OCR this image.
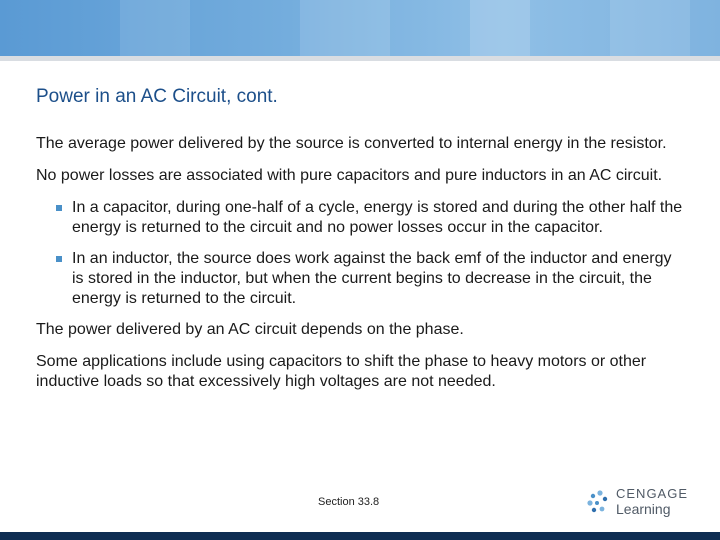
Power in an AC Circuit, cont.

The average power delivered by the source is converted to internal energy in the resistor.

No power losses are associated with pure capacitors and pure inductors in an AC circuit.

In a capacitor, during one-half of a cycle, energy is stored and during the other half the energy is returned to the circuit and no power losses occur in the capacitor.
In an inductor, the source does work against the back emf of the inductor and energy is stored in the inductor, but when the current begins to decrease in the circuit, the energy is returned to the circuit.

The power delivered by an AC circuit depends on the phase.

Some applications include using capacitors to shift the phase to heavy motors or other inductive loads so that excessively high voltages are not needed.

Section 33.8
CENGAGE
Learning
